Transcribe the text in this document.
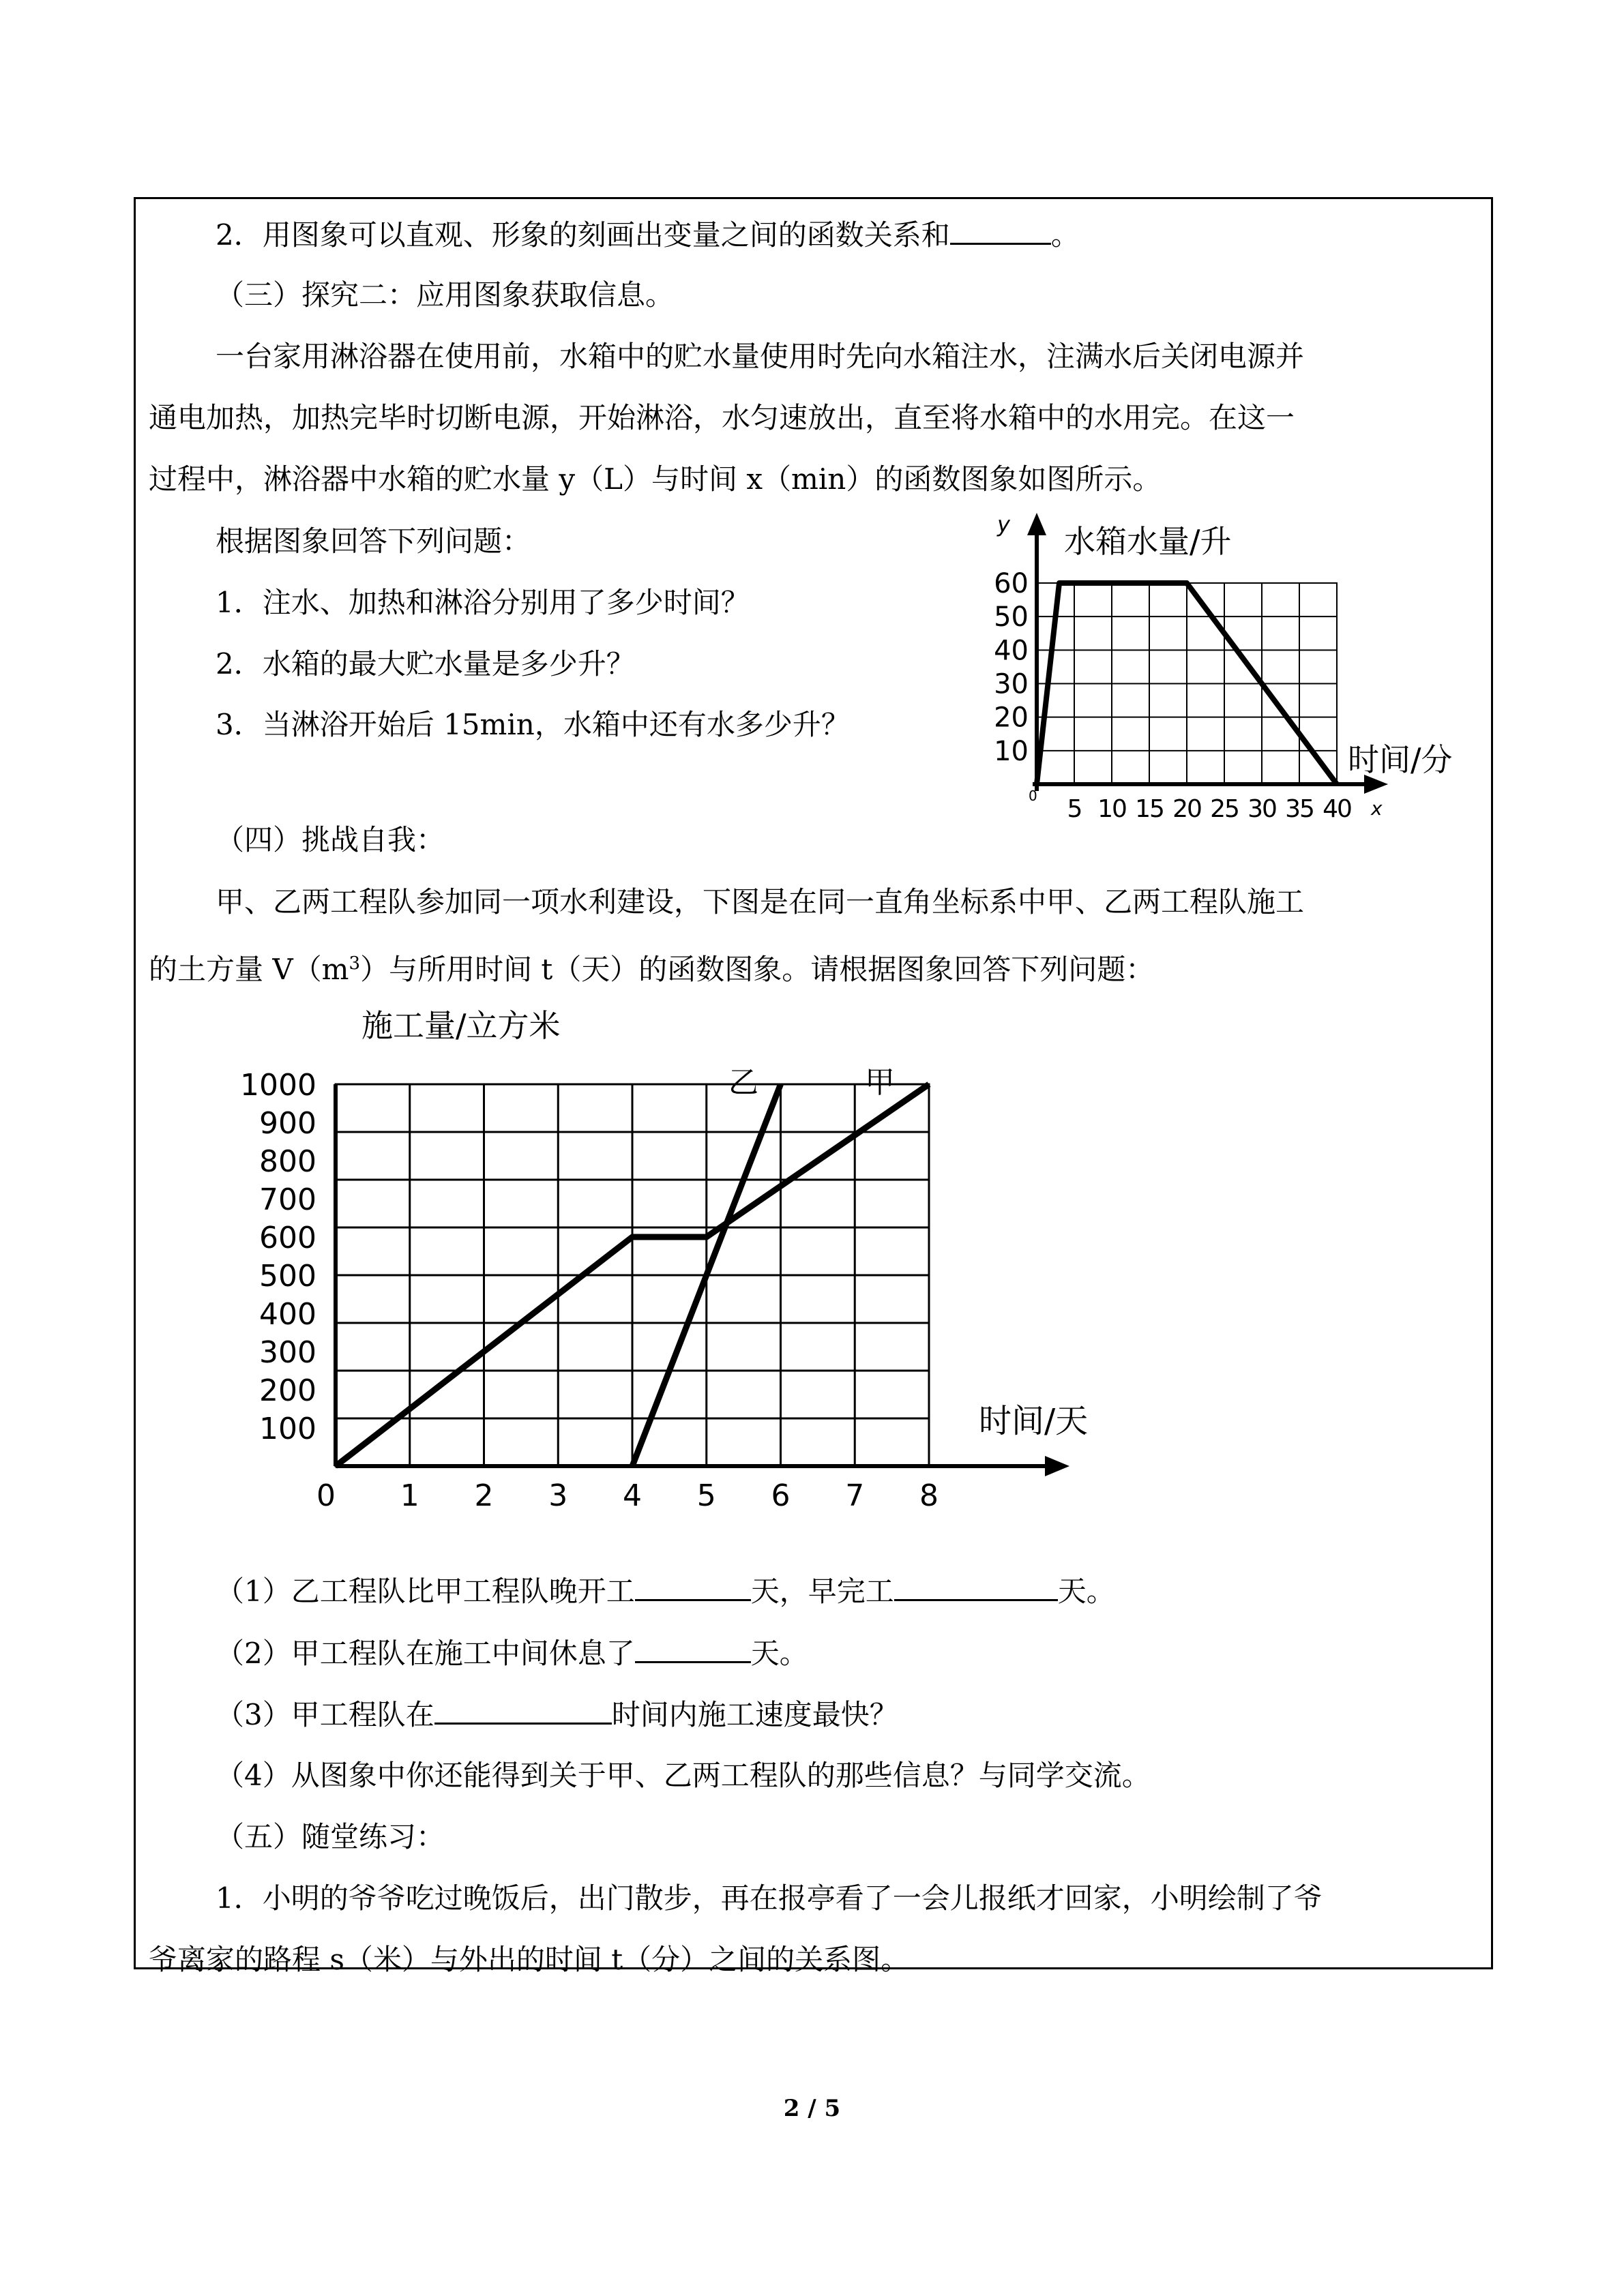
2．用图象可以直观、形象的刻画出变量之间的函数关系和	。
（三）探究二：应用图象获取信息。
一台家用淋浴器在使用前，水箱中的贮水量使用时先向水箱注水，注满水后关闭电源并
通电加热，加热完毕时切断电源，开始淋浴，水匀速放出，直至将水箱中的水用完。在这一
过程中，淋浴器中水箱的贮水量 y（L）与时间 x（min）的函数图象如图所示。
根据图象回答下列问题：
1．注水、加热和淋浴分别用了多少时间？
2．水箱的最大贮水量是多少升？
3．当淋浴开始后 15min，水箱中还有水多少升？
10
20
30
40
50
60
5 10 15 20 25 30 35 40
水箱水量/升
y
时间/分
x
0
（四）挑战自我：
甲、乙两工程队参加同一项水利建设，下图是在同一直角坐标系中甲、乙两工程队施工
的土方量 $V(m^3)$与所用时间 t（天）的函数图象。请根据图象回答下列问题：
100
200
300
400
500
600
700
800
900
1000
0 1 2 3 4 5 6 7 8
施工量/立方米
时间/天
乙	甲
（1）乙工程队比甲工程队晚开工	天，早完工	天。
（2）甲工程队在施工中间休息了	天。
（3）甲工程队在	时间内施工速度最快？
（4）从图象中你还能得到关于甲、乙两工程队的那些信息？与同学交流。
（五）随堂练习：
1．小明的爷爷吃过晚饭后，出门散步，再在报亭看了一会儿报纸才回家，小明绘制了爷
爷离家的路程 s（米）与外出的时间 t（分）之间的关系图。
2 / 5
